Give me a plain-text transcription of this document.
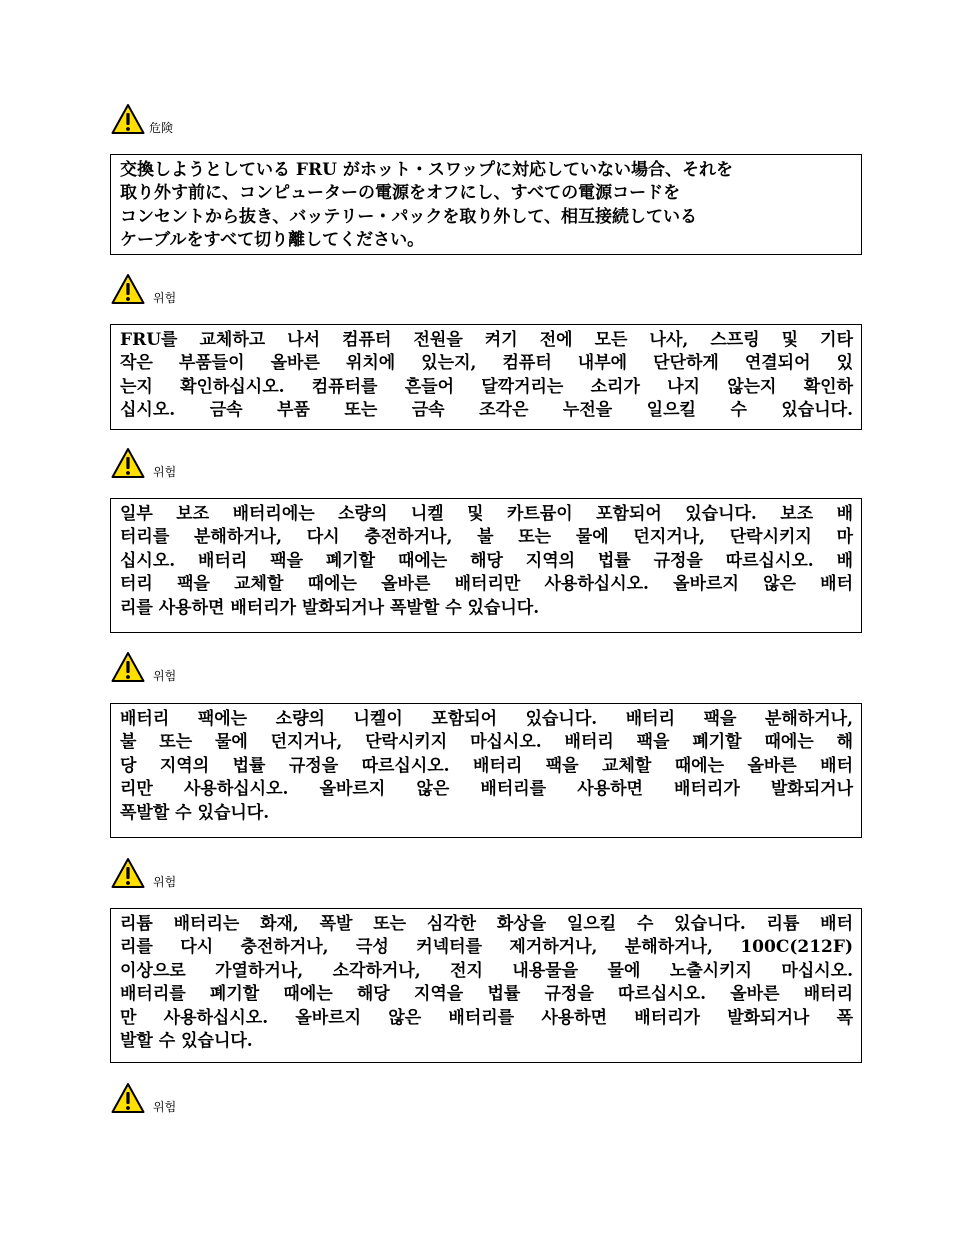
危険
交換しようとしている FRU がホット・スワップに対応していない場合、それを
取り外す前に、コンピューターの電源をオフにし、すべての電源コードを
コンセントから抜き、バッテリー・パックを取り外して、相互接続している
ケーブルをすべて切り離してください。
위험
FRU를 교체하고 나서 컴퓨터 전원을 켜기 전에 모든 나사, 스프링 및 기타
작은 부품들이 올바른 위치에 있는지, 컴퓨터 내부에 단단하게 연결되어 있
는지 확인하십시오. 컴퓨터를 흔들어 달깍거리는 소리가 나지 않는지 확인하
십시오. 금속 부품 또는 금속 조각은 누전을 일으킬 수 있습니다.
위험
일부 보조 배터리에는 소량의 니켈 및 카트뮴이 포함되어 있습니다. 보조 배
터리를 분해하거나, 다시 충전하거나, 불 또는 물에 던지거나, 단락시키지 마
십시오. 배터리 팩을 폐기할 때에는 해당 지역의 법률 규정을 따르십시오. 배
터리 팩을 교체할 때에는 올바른 배터리만 사용하십시오. 올바르지 않은 배터
리를 사용하면 배터리가 발화되거나 폭발할 수 있습니다.
위험
배터리 팩에는 소량의 니켈이 포함되어 있습니다. 배터리 팩을 분해하거나,
불 또는 물에 던지거나, 단락시키지 마십시오. 배터리 팩을 폐기할 때에는 해
당 지역의 법률 규정을 따르십시오. 배터리 팩을 교체할 때에는 올바른 배터
리만 사용하십시오. 올바르지 않은 배터리를 사용하면 배터리가 발화되거나
폭발할 수 있습니다.
위험
리튬 배터리는 화재, 폭발 또는 심각한 화상을 일으킬 수 있습니다. 리튬 배터
리를 다시 충전하거나, 극성 커넥터를 제거하거나, 분해하거나, 100C(212F)
이상으로 가열하거나, 소각하거나, 전지 내용물을 물에 노출시키지 마십시오.
배터리를 폐기할 때에는 해당 지역을 법률 규정을 따르십시오. 올바른 배터리
만 사용하십시오. 올바르지 않은 배터리를 사용하면 배터리가 발화되거나 폭
발할 수 있습니다.
위험
